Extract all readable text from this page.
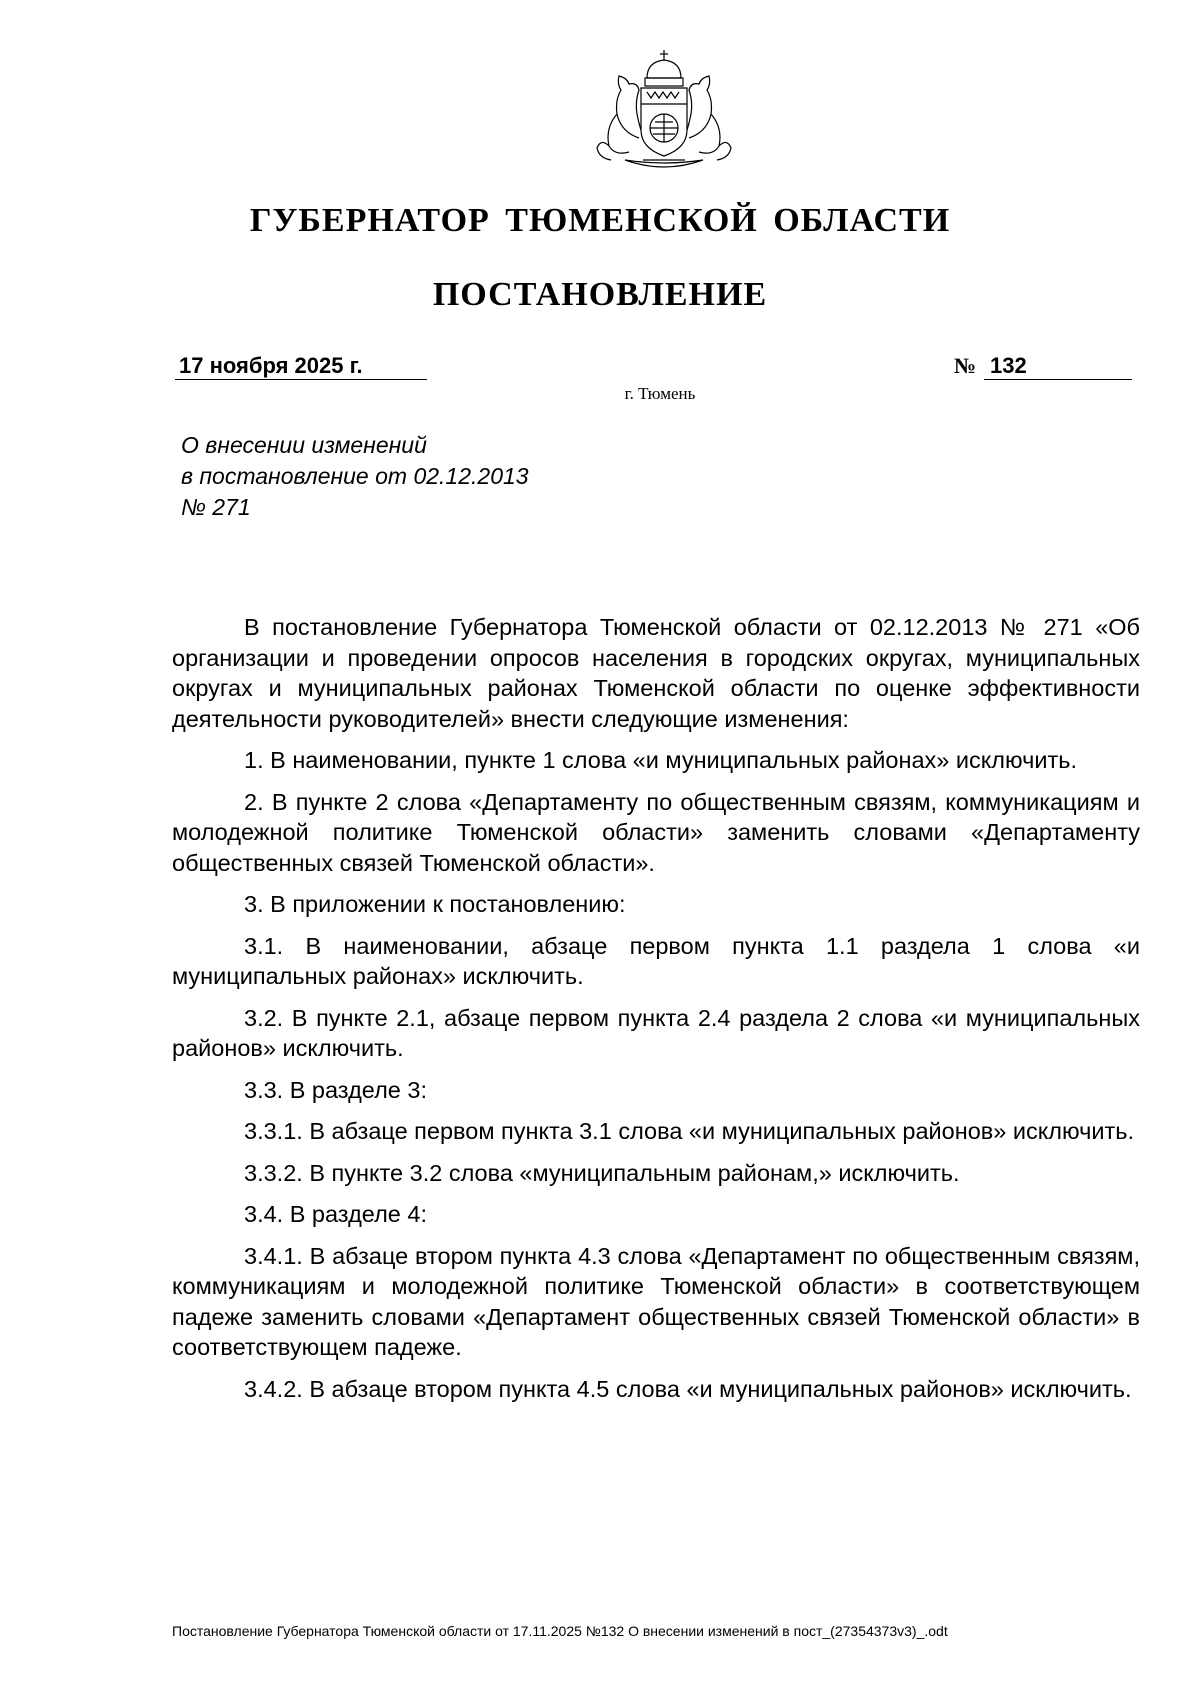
ГУБЕРНАТОР ТЮМЕНСКОЙ ОБЛАСТИ
ПОСТАНОВЛЕНИЕ
17 ноября 2025 г.	№ 132
г. Тюмень
О внесении изменений
в постановление от 02.12.2013
№ 271

В постановление Губернатора Тюменской области от 02.12.2013 № 271 «Об организации и проведении опросов населения в городских округах, муниципальных округах и муниципальных районах Тюменской области по оценке эффективности деятельности руководителей» внести следующие изменения:

1. В наименовании, пункте 1 слова «и муниципальных районах» исключить.

2. В пункте 2 слова «Департаменту по общественным связям, коммуникациям и молодежной политике Тюменской области» заменить словами «Департаменту общественных связей Тюменской области».

3. В приложении к постановлению:

3.1. В наименовании, абзаце первом пункта 1.1 раздела 1 слова «и муниципальных районах» исключить.

3.2. В пункте 2.1, абзаце первом пункта 2.4 раздела 2 слова «и муниципальных районов» исключить.

3.3. В разделе 3:

3.3.1. В абзаце первом пункта 3.1 слова «и муниципальных районов» исключить.

3.3.2. В пункте 3.2 слова «муниципальным районам,» исключить.

3.4. В разделе 4:

3.4.1. В абзаце втором пункта 4.3 слова «Департамент по общественным связям, коммуникациям и молодежной политике Тюменской области» в соответствующем падеже заменить словами «Департамент общественных связей Тюменской области» в соответствующем падеже.

3.4.2. В абзаце втором пункта 4.5 слова «и муниципальных районов» исключить.

Постановление Губернатора Тюменской области от 17.11.2025 №132 О внесении изменений в пост_(27354373v3)_.odt
